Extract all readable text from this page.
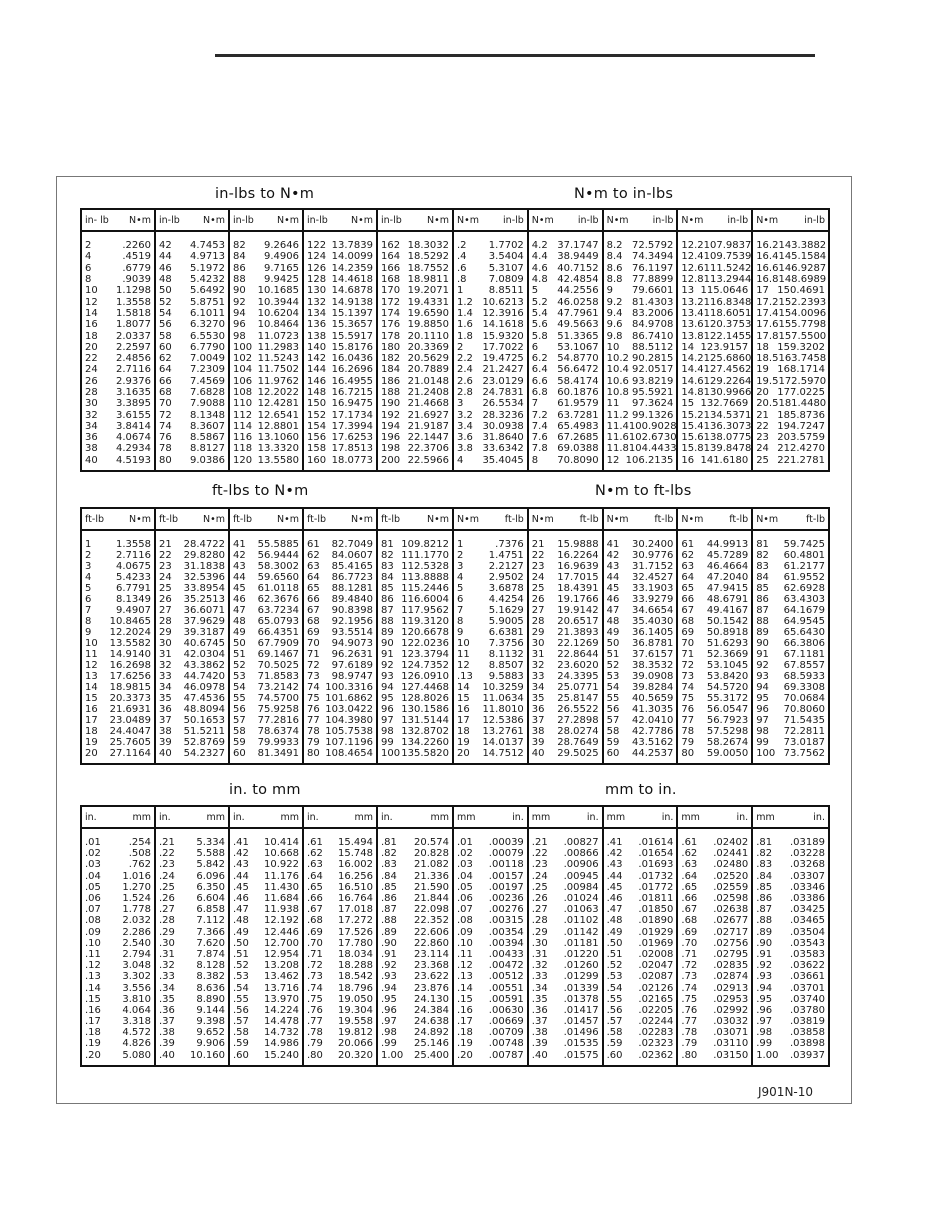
in-lbs to N•m	N•m to in-lbs
ft-lbs to N•m	N•m to ft-lbs
in. to mm	mm to in.
in- lb	N•m
2	.2260
4	.4519
6	.6779
8	.9039
10	1.1298
12	1.3558
14	1.5818
16	1.8077
18	2.0337
20	2.2597
22	2.4856
24	2.7116
26	2.9376
28	3.1635
30	3.3895
32	3.6155
34	3.8414
36	4.0674
38	4.2934
40	4.5193
in-lb	N•m
42	4.7453
44	4.9713
46	5.1972
48	5.4232
50	5.6492
52	5.8751
54	6.1011
56	6.3270
58	6.5530
60	6.7790
62	7.0049
64	7.2309
66	7.4569
68	7.6828
70	7.9088
72	8.1348
74	8.3607
76	8.5867
78	8.8127
80	9.0386
in-lb	N•m
82	9.2646
84	9.4906
86	9.7165
88	9.9425
90	10.1685
92	10.3944
94	10.6204
96	10.8464
98	11.0723
100 11.2983
102 11.5243
104 11.7502
106 11.9762
108 12.2022
110 12.4281
112 12.6541
114 12.8801
116 13.1060
118 13.3320
120 13.5580
in-lb	N•m
122 13.7839
124 14.0099
126 14.2359
128 14.4618
130 14.6878
132 14.9138
134 15.1397
136 15.3657
138 15.5917
140 15.8176
142 16.0436
144 16.2696
146 16.4955
148 16.7215
150 16.9475
152 17.1734
154 17.3994
156 17.6253
158 17.8513
160 18.0773
in-lb	N•m
162 18.3032
164 18.5292
166 18.7552
168 18.9811
170 19.2071
172 19.4331
174 19.6590
176 19.8850
178 20.1110
180 20.3369
182 20.5629
184 20.7889
186 21.0148
188 21.2408
190 21.4668
192 21.6927
194 21.9187
196 22.1447
198 22.3706
200 22.5966
N•m	in-lb
.2	1.7702
.4	3.5404
.6	5.3107
.8	7.0809
1	8.8511
1.2 10.6213
1.4 12.3916
1.6 14.1618
1.8 15.9320
2	17.7022
2.2 19.4725
2.4 21.2427
2.6 23.0129
2.8 24.7831
3	26.5534
3.2 28.3236
3.4 30.0938
3.6 31.8640
3.8 33.6342
4	35.4045
N•m	in-lb
4.2 37.1747
4.4 38.9449
4.6 40.7152
4.8 42.4854
5	44.2556
5.2 46.0258
5.4 47.7961
5.6 49.5663
5.8 51.3365
6	53.1067
6.2 54.8770
6.4 56.6472
6.6 58.4174
6.8 60.1876
7	61.9579
7.2 63.7281
7.4 65.4983
7.6 67.2685
7.8 69.0388
8	70.8090
N•m	in-lb
8.2 72.5792
8.4 74.3494
8.6 76.1197
8.8 77.8899
9	79.6601
9.2 81.4303
9.4 83.2006
9.6 84.9708
9.8 86.7410
10	88.5112
10.2 90.2815
10.4 92.0517
10.6 93.8219
10.8 95.5921
11	97.3624
11.2 99.1326
11.4 100.9028
11.6 102.6730
11.8 104.4433
12 106.2135
N•m	in-lb
12.2 107.9837
12.4 109.7539
12.6 111.5242
12.8 113.2944
13 115.0646
13.2 116.8348
13.4 118.6051
13.6 120.3753
13.8 122.1455
14 123.9157
14.2 125.6860
14.4 127.4562
14.6 129.2264
14.8 130.9966
15 132.7669
15.2 134.5371
15.4 136.3073
15.6 138.0775
15.8 139.8478
16 141.6180
N•m	in-lb
16.2 143.3882
16.4 145.1584
16.6 146.9287
16.8 148.6989
17 150.4691
17.2 152.2393
17.4 154.0096
17.6 155.7798
17.8 157.5500
18 159.3202
18.5 163.7458
19 168.1714
19.5 172.5970
20 177.0225
20.5 181.4480
21 185.8736
22 194.7247
23 203.5759
24 212.4270
25 221.2781
ft-lb	N•m
1	1.3558
2	2.7116
3	4.0675
4	5.4233
5	6.7791
6	8.1349
7	9.4907
8	10.8465
9	12.2024
10	13.5582
11	14.9140
12	16.2698
13	17.6256
14	18.9815
15	20.3373
16	21.6931
17	23.0489
18	24.4047
19	25.7605
20	27.1164
ft-lb	N•m
21	28.4722
22	29.8280
23	31.1838
24	32.5396
25	33.8954
26	35.2513
27	36.6071
28	37.9629
29	39.3187
30	40.6745
31	42.0304
32	43.3862
33	44.7420
34	46.0978
35	47.4536
36	48.8094
37	50.1653
38	51.5211
39	52.8769
40	54.2327
ft-lb	N•m
41	55.5885
42	56.9444
43	58.3002
44	59.6560
45	61.0118
46	62.3676
47	63.7234
48	65.0793
49	66.4351
50	67.7909
51	69.1467
52	70.5025
53	71.8583
54	73.2142
55	74.5700
56	75.9258
57	77.2816
58	78.6374
59	79.9933
60	81.3491
ft-lb	N•m
61	82.7049
62	84.0607
63	85.4165
64	86.7723
65	88.1281
66	89.4840
67	90.8398
68	92.1956
69	93.5514
70	94.9073
71	96.2631
72	97.6189
73	98.9747
74 100.3316
75 101.6862
76 103.0422
77 104.3980
78 105.7538
79 107.1196
80 108.4654
ft-lb	N•m
81 109.8212
82 111.1770
83 112.5328
84 113.8888
85 115.2446
86 116.6004
87 117.9562
88 119.3120
89 120.6678
90 122.0236
91 123.3794
92 124.7352
93 126.0910
94 127.4468
95 128.8026
96 130.1586
97 131.5144
98 132.8702
99 134.2260
100 135.5820
N•m	ft-lb
1	.7376
2	1.4751
3	2.2127
4	2.9502
5	3.6878
6	4.4254
7	5.1629
8	5.9005
9	6.6381
10	7.3756
11	8.1132
12	8.8507
.13	9.5883
14	10.3259
15	11.0634
16	11.8010
17	12.5386
18	13.2761
19	14.0137
20	14.7512
N•m	ft-lb
21	15.9888
22	16.2264
23	16.9639
24	17.7015
25	18.4391
26	19.1766
27	19.9142
28	20.6517
29	21.3893
30	22.1269
31	22.8644
32	23.6020
33	24.3395
34	25.0771
35	25.8147
36	26.5522
37	27.2898
38	28.0274
39	28.7649
40	29.5025
N•m	ft-lb
41	30.2400
42	30.9776
43	31.7152
44	32.4527
45	33.1903
46	33.9279
47	34.6654
48	35.4030
49	36.1405
50	36.8781
51	37.6157
52	38.3532
53	39.0908
54	39.8284
55	40.5659
56	41.3035
57	42.0410
58	42.7786
59	43.5162
60	44.2537
N•m	ft-lb
61	44.9913
62	45.7289
63	46.4664
64	47.2040
65	47.9415
66	48.6791
67	49.4167
68	50.1542
69	50.8918
70	51.6293
71	52.3669
72	53.1045
73	53.8420
74	54.5720
75	55.3172
76	56.0547
77	56.7923
78	57.5298
79	58.2674
80	59.0050
N•m	ft-lb
81	59.7425
82	60.4801
83	61.2177
84	61.9552
85	62.6928
86	63.4303
87	64.1679
88	64.9545
89	65.6430
90	66.3806
91	67.1181
92	67.8557
93	68.5933
94	69.3308
95	70.0684
96	70.8060
97	71.5435
98	72.2811
99	73.0187
100 73.7562
in.	mm
.01	.254
.02	.508
.03	.762
.04	1.016
.05	1.270
.06	1.524
.07	1.778
.08	2.032
.09	2.286
.10	2.540
.11	2.794
.12	3.048
.13	3.302
.14	3.556
.15	3.810
.16	4.064
.17	3.318
.18	4.572
.19	4.826
.20	5.080
in.	mm
.21	5.334
.22	5.588
.23	5.842
.24	6.096
.25	6.350
.26	6.604
.27	6.858
.28	7.112
.29	7.366
.30	7.620
.31	7.874
.32	8.128
.33	8.382
.34	8.636
.35	8.890
.36	9.144
.37	9.398
.38	9.652
.39	9.906
.40	10.160
in.	mm
.41	10.414
.42	10.668
.43	10.922
.44	11.176
.45	11.430
.46	11.684
.47	11.938
.48	12.192
.49	12.446
.50	12.700
.51	12.954
.52	13.208
.53	13.462
.54	13.716
.55	13.970
.56	14.224
.57	14.478
.58	14.732
.59	14.986
.60	15.240
in.	mm
.61	15.494
.62	15.748
.63	16.002
.64	16.256
.65	16.510
.66	16.764
.67	17.018
.68	17.272
.69	17.526
.70	17.780
.71	18.034
.72	18.288
.73	18.542
.74	18.796
.75	19.050
.76	19.304
.77	19.558
.78	19.812
.79	20.066
.80	20.320
in.	mm
.81	20.574
.82	20.828
.83	21.082
.84	21.336
.85	21.590
.86	21.844
.87	22.098
.88	22.352
.89	22.606
.90	22.860
.91	23.114
.92	23.368
.93	23.622
.94	23.876
.95	24.130
.96	24.384
.97	24.638
.98	24.892
.99	25.146
1.00	25.400
mm	in.
.01	.00039
.02	.00079
.03	.00118
.04	.00157
.05	.00197
.06	.00236
.07	.00276
.08	.00315
.09	.00354
.10	.00394
.11	.00433
.12	.00472
.13	.00512
.14	.00551
.15	.00591
.16	.00630
.17	.00669
.18	.00709
.19	.00748
.20	.00787
mm	in.
.21	.00827
.22	.00866
.23	.00906
.24	.00945
.25	.00984
.26	.01024
.27	.01063
.28	.01102
.29	.01142
.30	.01181
.31	.01220
.32	.01260
.33	.01299
.34	.01339
.35	.01378
.36	.01417
.37	.01457
.38	.01496
.39	.01535
.40	.01575
mm	in.
.41	.01614
.42	.01654
.43	.01693
.44	.01732
.45	.01772
.46	.01811
.47	.01850
.48	.01890
.49	.01929
.50	.01969
.51	.02008
.52	.02047
.53	.02087
.54	.02126
.55	.02165
.56	.02205
.57	.02244
.58	.02283
.59	.02323
.60	.02362
mm	in.
.61	.02402
.62	.02441
.63	.02480
.64	.02520
.65	.02559
.66	.02598
.67	.02638
.68	.02677
.69	.02717
.70	.02756
.71	.02795
.72	.02835
.73	.02874
.74	.02913
.75	.02953
.76	.02992
.77	.03032
.78	.03071
.79	.03110
.80	.03150
mm	in.
.81	.03189
.82	.03228
.83	.03268
.84	.03307
.85	.03346
.86	.03386
.87	.03425
.88	.03465
.89	.03504
.90	.03543
.91	.03583
.92	.03622
.93	.03661
.94	.03701
.95	.03740
.96	.03780
.97	.03819
.98	.03858
.99	.03898
1.00	.03937
J901N-10
